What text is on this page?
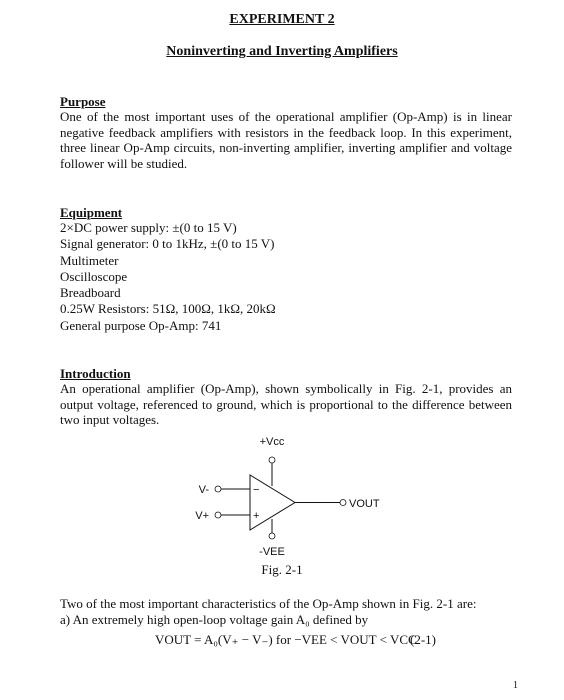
EXPERIMENT 2
Noninverting and Inverting Amplifiers
Purpose
One of the most important uses of the operational amplifier (Op-Amp) is in linear negative feedback amplifiers with resistors in the feedback loop. In this experiment, three linear Op-Amp circuits, non-inverting amplifier, inverting amplifier and voltage follower will be studied.
Equipment
2×DC power supply: ±(0 to 15 V)
Signal generator: 0 to 1kHz, ±(0 to 15 V)
Multimeter
Oscilloscope
Breadboard
0.25W Resistors: 51Ω, 100Ω, 1kΩ, 20kΩ
General purpose Op-Amp: 741
Introduction
An operational amplifier (Op-Amp), shown symbolically in Fig. 2-1, provides an output voltage, referenced to ground, which is proportional to the difference between two input voltages.
+Vcc
-VEE
V-
V+
VOUT
−
+
Fig. 2-1
Two of the most important characteristics of the Op-Amp shown in Fig. 2-1 are:
a) An extremely high open-loop voltage gain A₀ defined by
VOUT = A₀(V₊ − V₋) for −VEE < VOUT < VCC
(2-1)
1
